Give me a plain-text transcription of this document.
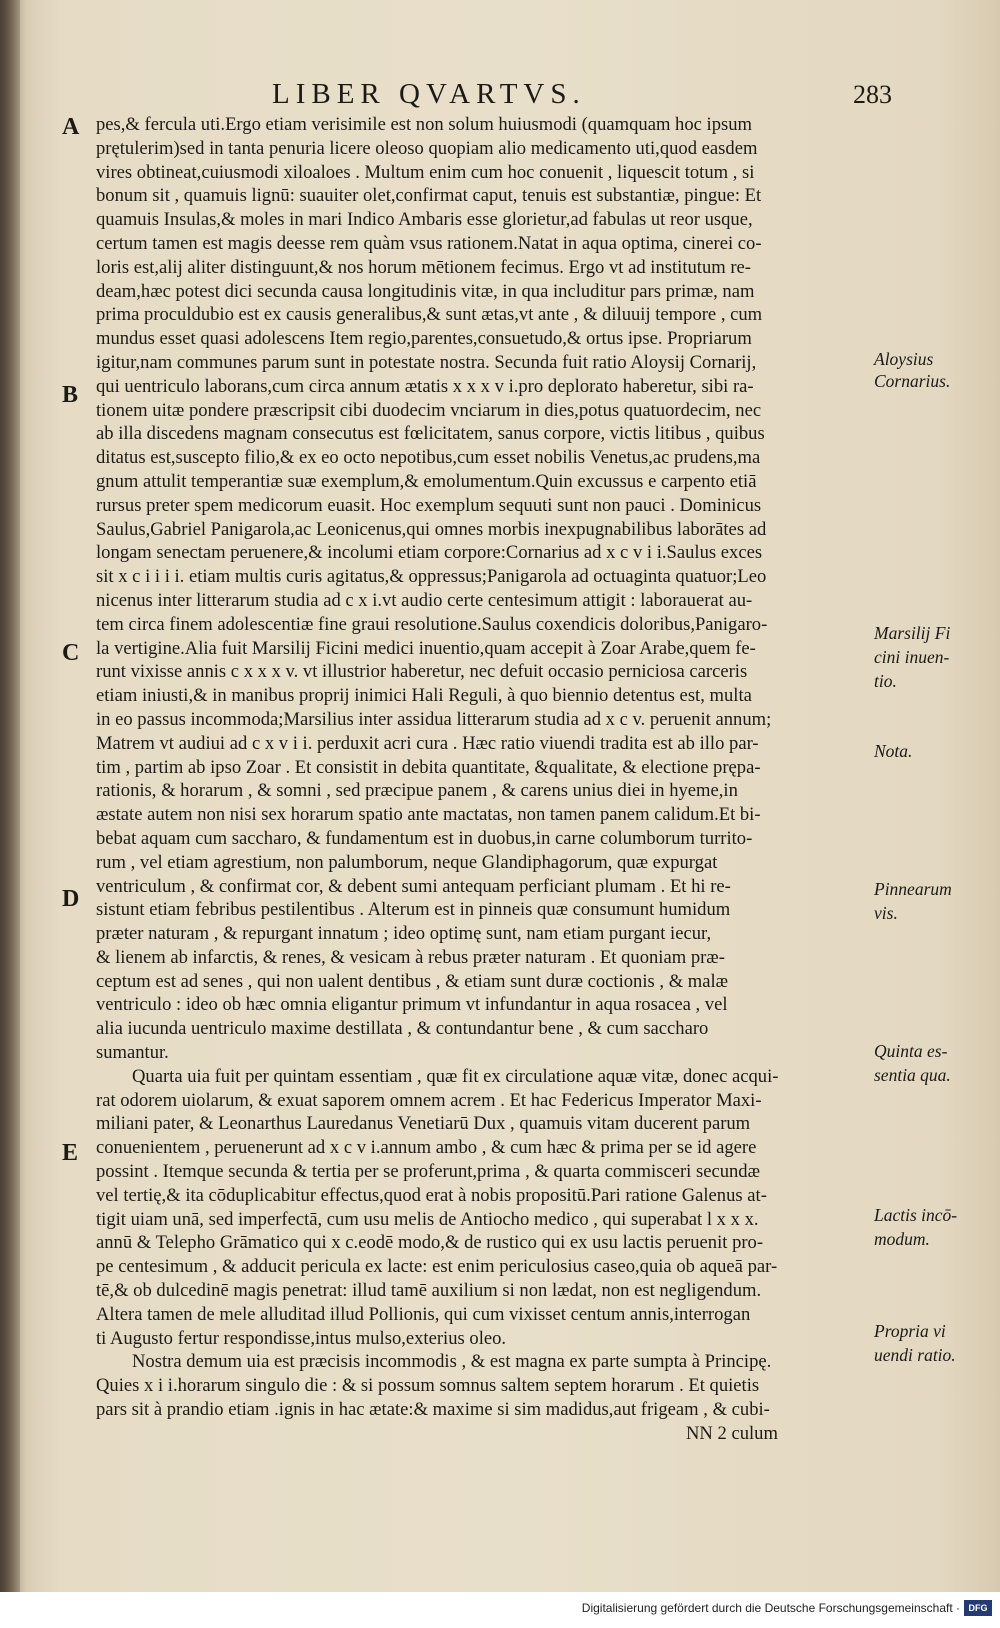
LIBER QVARTVS.	283
A
B
C
D
E
pes,& fercula uti.Ergo etiam verisimile est non solum huiusmodi (quamquam hoc ipsum
prętulerim)sed in tanta penuria licere oleoso quopiam alio medicamento uti,quod easdem
vires obtineat,cuiusmodi xiloaloes . Multum enim cum hoc conuenit , liquescit totum , si
bonum sit , quamuis lignū: suauiter olet,confirmat caput, tenuis est substantiæ, pingue: Et
quamuis Insulas,& moles in mari Indico Ambaris esse glorietur,ad fabulas ut reor usque,
certum tamen est magis deesse rem quàm vsus rationem.Natat in aqua optima, cinerei co-
loris est,alij aliter distinguunt,& nos horum mētionem fecimus. Ergo vt ad institutum re-
deam,hæc potest dici secunda causa longitudinis vitæ, in qua includitur pars primæ, nam
prima proculdubio est ex causis generalibus,& sunt ætas,vt ante , & diluuij tempore , cum
mundus esset quasi adolescens Item regio,parentes,consuetudo,& ortus ipse. Propriarum
igitur,nam communes parum sunt in potestate nostra. Secunda fuit ratio Aloysij Cornarij,
qui uentriculo laborans,cum circa annum ætatis x x x v i.pro deplorato haberetur, sibi ra-
tionem uitæ pondere præscripsit cibi duodecim vnciarum in dies,potus quatuordecim, nec
ab illa discedens magnam consecutus est fœlicitatem, sanus corpore, victis litibus , quibus
ditatus est,suscepto filio,& ex eo octo nepotibus,cum esset nobilis Venetus,ac prudens,ma
gnum attulit temperantiæ suæ exemplum,& emolumentum.Quin excussus e carpento etiā
rursus preter spem medicorum euasit. Hoc exemplum sequuti sunt non pauci . Dominicus
Saulus,Gabriel Panigarola,ac Leonicenus,qui omnes morbis inexpugnabilibus laborātes ad
longam senectam peruenere,& incolumi etiam corpore:Cornarius ad x c v i i.Saulus exces
sit x c i i i i. etiam multis curis agitatus,& oppressus;Panigarola ad octuaginta quatuor;Leo
nicenus inter litterarum studia ad c x i.vt audio certe centesimum attigit : laborauerat au-
tem circa finem adolescentiæ fine graui resolutione.Saulus coxendicis doloribus,Panigaro-
la vertigine.Alia fuit Marsilij Ficini medici inuentio,quam accepit à Zoar Arabe,quem fe-
runt vixisse annis c x x x v. vt illustrior haberetur, nec defuit occasio perniciosa carceris
etiam iniusti,& in manibus proprij inimici Hali Reguli, à quo biennio detentus est, multa
in eo passus incommoda;Marsilius inter assidua litterarum studia ad x c v. peruenit annum;
Matrem vt audiui ad c x v i i. perduxit acri cura . Hæc ratio viuendi tradita est ab illo par-
tim , partim ab ipso Zoar . Et consistit in debita quantitate, &qualitate, & electione prępa-
rationis, & horarum , & somni , sed præcipue panem , & carens unius diei in hyeme,in
æstate autem non nisi sex horarum spatio ante mactatas, non tamen panem calidum.Et bi-
bebat aquam cum saccharo, & fundamentum est in duobus,in carne columborum turrito-
rum , vel etiam agrestium, non palumborum, neque Glandiphagorum, quæ expurgat
ventriculum , & confirmat cor, & debent sumi antequam perficiant plumam . Et hi re-
sistunt etiam febribus pestilentibus . Alterum est in pinneis quæ consumunt humidum
præter naturam , & repurgant innatum ; ideo optimę sunt, nam etiam purgant iecur,
& lienem ab infarctis, & renes, & vesicam à rebus præter naturam . Et quoniam præ-
ceptum est ad senes , qui non ualent dentibus , & etiam sunt duræ coctionis , & malæ
ventriculo : ideo ob hæc omnia eligantur primum vt infundantur in aqua rosacea , vel
alia iucunda uentriculo maxime destillata , & contundantur bene , & cum saccharo
sumantur.
Quarta uia fuit per quintam essentiam , quæ fit ex circulatione aquæ vitæ, donec acqui-
rat odorem uiolarum, & exuat saporem omnem acrem . Et hac Federicus Imperator Maxi-
miliani pater, & Leonarthus Lauredanus Venetiarū Dux , quamuis vitam ducerent parum
conuenientem , peruenerunt ad x c v i.annum ambo , & cum hæc & prima per se id agere
possint . Itemque secunda & tertia per se proferunt,prima , & quarta commisceri secundæ
vel tertię,& ita cōduplicabitur effectus,quod erat à nobis propositū.Pari ratione Galenus at-
tigit uiam unā, sed imperfectā, cum usu melis de Antiocho medico , qui superabat l x x x.
annū & Telepho Grāmatico qui x c.eodē modo,& de rustico qui ex usu lactis peruenit pro-
pe centesimum , & adducit pericula ex lacte: est enim periculosius caseo,quia ob aqueā par-
tē,& ob dulcedinē magis penetrat: illud tamē auxilium si non lædat, non est negligendum.
Altera tamen de mele alluditad illud Pollionis, qui cum vixisset centum annis,interrogan
ti Augusto fertur respondisse,intus mulso,exterius oleo.
Nostra demum uia est præcisis incommodis , & est magna ex parte sumpta à Principę.
Quies x i i.horarum singulo die : & si possum somnus saltem septem horarum . Et quietis
pars sit à prandio etiam .ignis in hac ætate:& maxime si sim madidus,aut frigeam , & cubi-
NN 2 culum
Aloysius
Cornarius.
Marsilij Fi
cini inuen-
tio.
Nota.
Pinnearum
vis.
Quinta es-
sentia qua.
Lactis incō-
modum.
Propria vi
uendi ratio.
Digitalisierung gefördert durch die Deutsche Forschungsgemeinschaft · DFG
